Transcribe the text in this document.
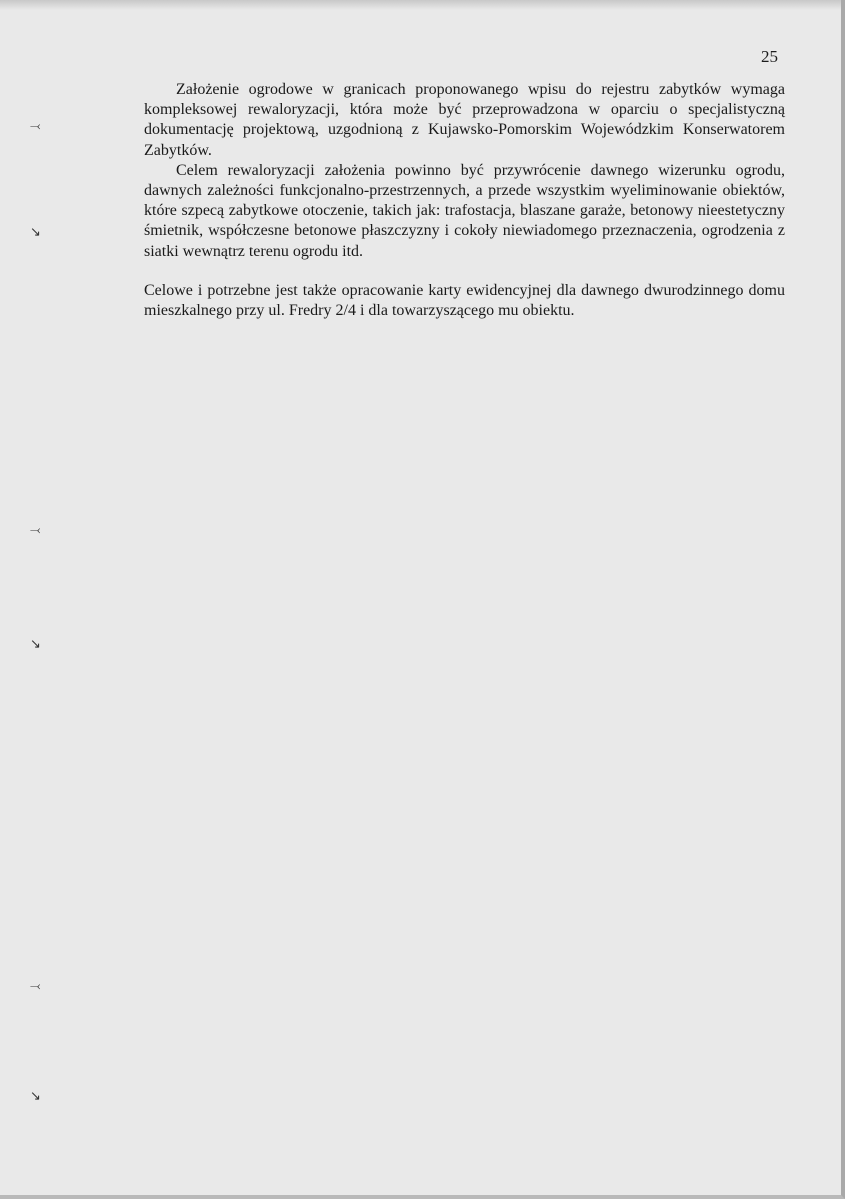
25

Założenie ogrodowe w granicach proponowanego wpisu do rejestru zabytków wymaga kompleksowej rewaloryzacji, która może być przeprowadzona w oparciu o specjalistyczną dokumentację projektową, uzgodnioną z Kujawsko-Pomorskim Wojewódzkim Konserwatorem Zabytków.

Celem rewaloryzacji założenia powinno być przywrócenie dawnego wizerunku ogrodu, dawnych zależności funkcjonalno-przestrzennych, a przede wszystkim wyeliminowanie obiektów, które szpecą zabytkowe otoczenie, takich jak: trafostacja, blaszane garaże, betonowy nieestetyczny śmietnik, współczesne betonowe płaszczyzny i cokoły niewiadomego przeznaczenia, ogrodzenia z siatki wewnątrz terenu ogrodu itd.

Celowe i potrzebne jest także opracowanie karty ewidencyjnej dla dawnego dwurodzinnego domu mieszkalnego przy ul. Fredry 2/4 i dla towarzyszącego mu obiektu.

⤙
↘
⤙
↘
⤙
↘
